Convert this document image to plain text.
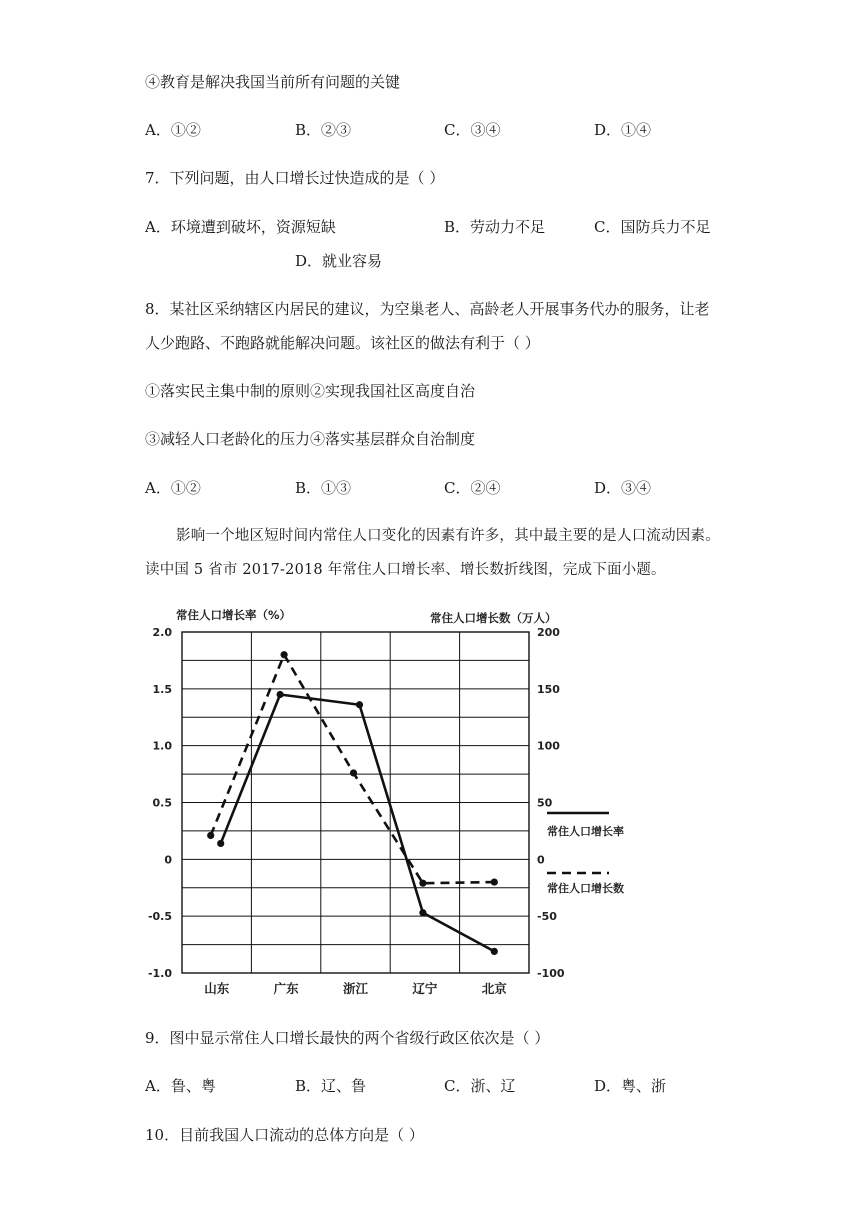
④教育是解决我国当前所有问题的关键
A．①②	B．②③	C．③④	D．①④
7．下列问题，由人口增长过快造成的是（ ）
A．环境遭到破坏，资源短缺	B．劳动力不足	C．国防兵力不足
D．就业容易
8．某社区采纳辖区内居民的建议，为空巢老人、高龄老人开展事务代办的服务，让老
人少跑路、不跑路就能解决问题。该社区的做法有利于（ ）
①落实民主集中制的原则②实现我国社区高度自治
③减轻人口老龄化的压力④落实基层群众自治制度
A．①②	B．①③	C．②④	D．③④
影响一个地区短时间内常住人口变化的因素有许多，其中最主要的是人口流动因素。
读中国 5 省市 2017-2018 年常住人口增长率、增长数折线图，完成下面小题。
2.0
1.5
1.0
0.5
0
-0.5
-1.0
200
150
100
50
0
-50
-100
常住人口增长率（%）	常住人口增长数（万人）
山东	广东	浙江	辽宁	北京
常住人口增长率
常住人口增长数
9．图中显示常住人口增长最快的两个省级行政区依次是（ ）
A．鲁、粤	B．辽、鲁	C．浙、辽	D．粤、浙
10．目前我国人口流动的总体方向是（ ）
